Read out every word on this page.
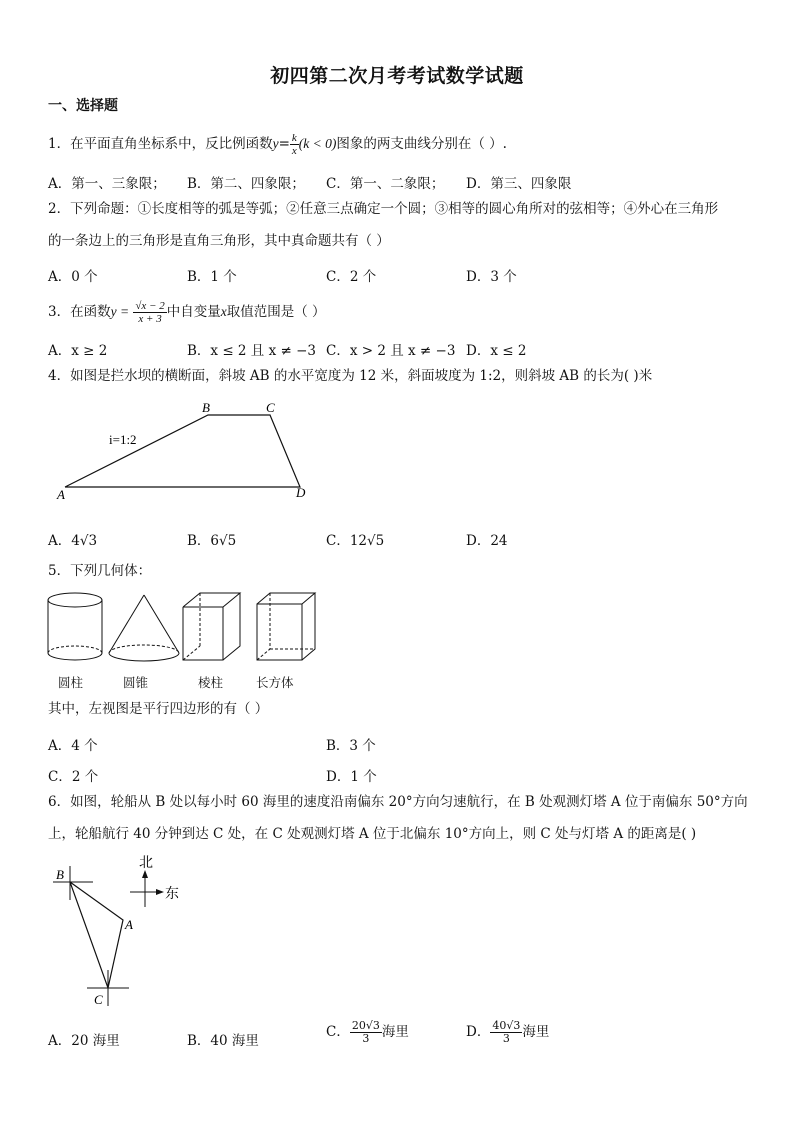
初四第二次月考考试数学试题
一、选择题
1．在平面直角坐标系中，反比例函数$y= \frac{k}{x} (k < 0)$图象的两支曲线分别在（ ）.
A．第一、三象限； B．第二、四象限； C．第一、二象限； D．第三、四象限
2．下列命题：①长度相等的弧是等弧；②任意三点确定一个圆；③相等的圆心角所对的弦相等；④外心在三角形
的一条边上的三角形是直角三角形，其中真命题共有（ ）
A．0 个	B．1 个	C．2 个	D．3 个
3．在函数$y = \frac{√x - 2}{x + 3}$ 中自变量x取值范围是（ ）
A．x ≥ 2	B．x ≤ 2 且 x ≠ −3 C．x > 2 且 x ≠ −3 D．x ≤ 2
4．如图是拦水坝的横断面，斜坡 AB 的水平宽度为 12 米，斜面坡度为 1:2，则斜坡 AB 的长为( )米
A
B	C
D
i=1:2
A．4√3	B．6√5	C．12√5	D．24
5．下列几何体：
圆柱	圆锥	棱柱	长方体
其中，左视图是平行四边形的有（ ）
A．4 个	B．3 个
C．2 个	D．1 个
6．如图，轮船从 B 处以每小时 60 海里的速度沿南偏东 20°方向匀速航行，在 B 处观测灯塔 A 位于南偏东 50°方向
上，轮船航行 40 分钟到达 C 处，在 C 处观测灯塔 A 位于北偏东 10°方向上，则 C 处与灯塔 A 的距离是( )
B
A
C
北
东
A．20 海里	B．40 海里
C． $\frac{20√3}{3}$ 海里	D． $\frac{40√3}{3}$ 海里
